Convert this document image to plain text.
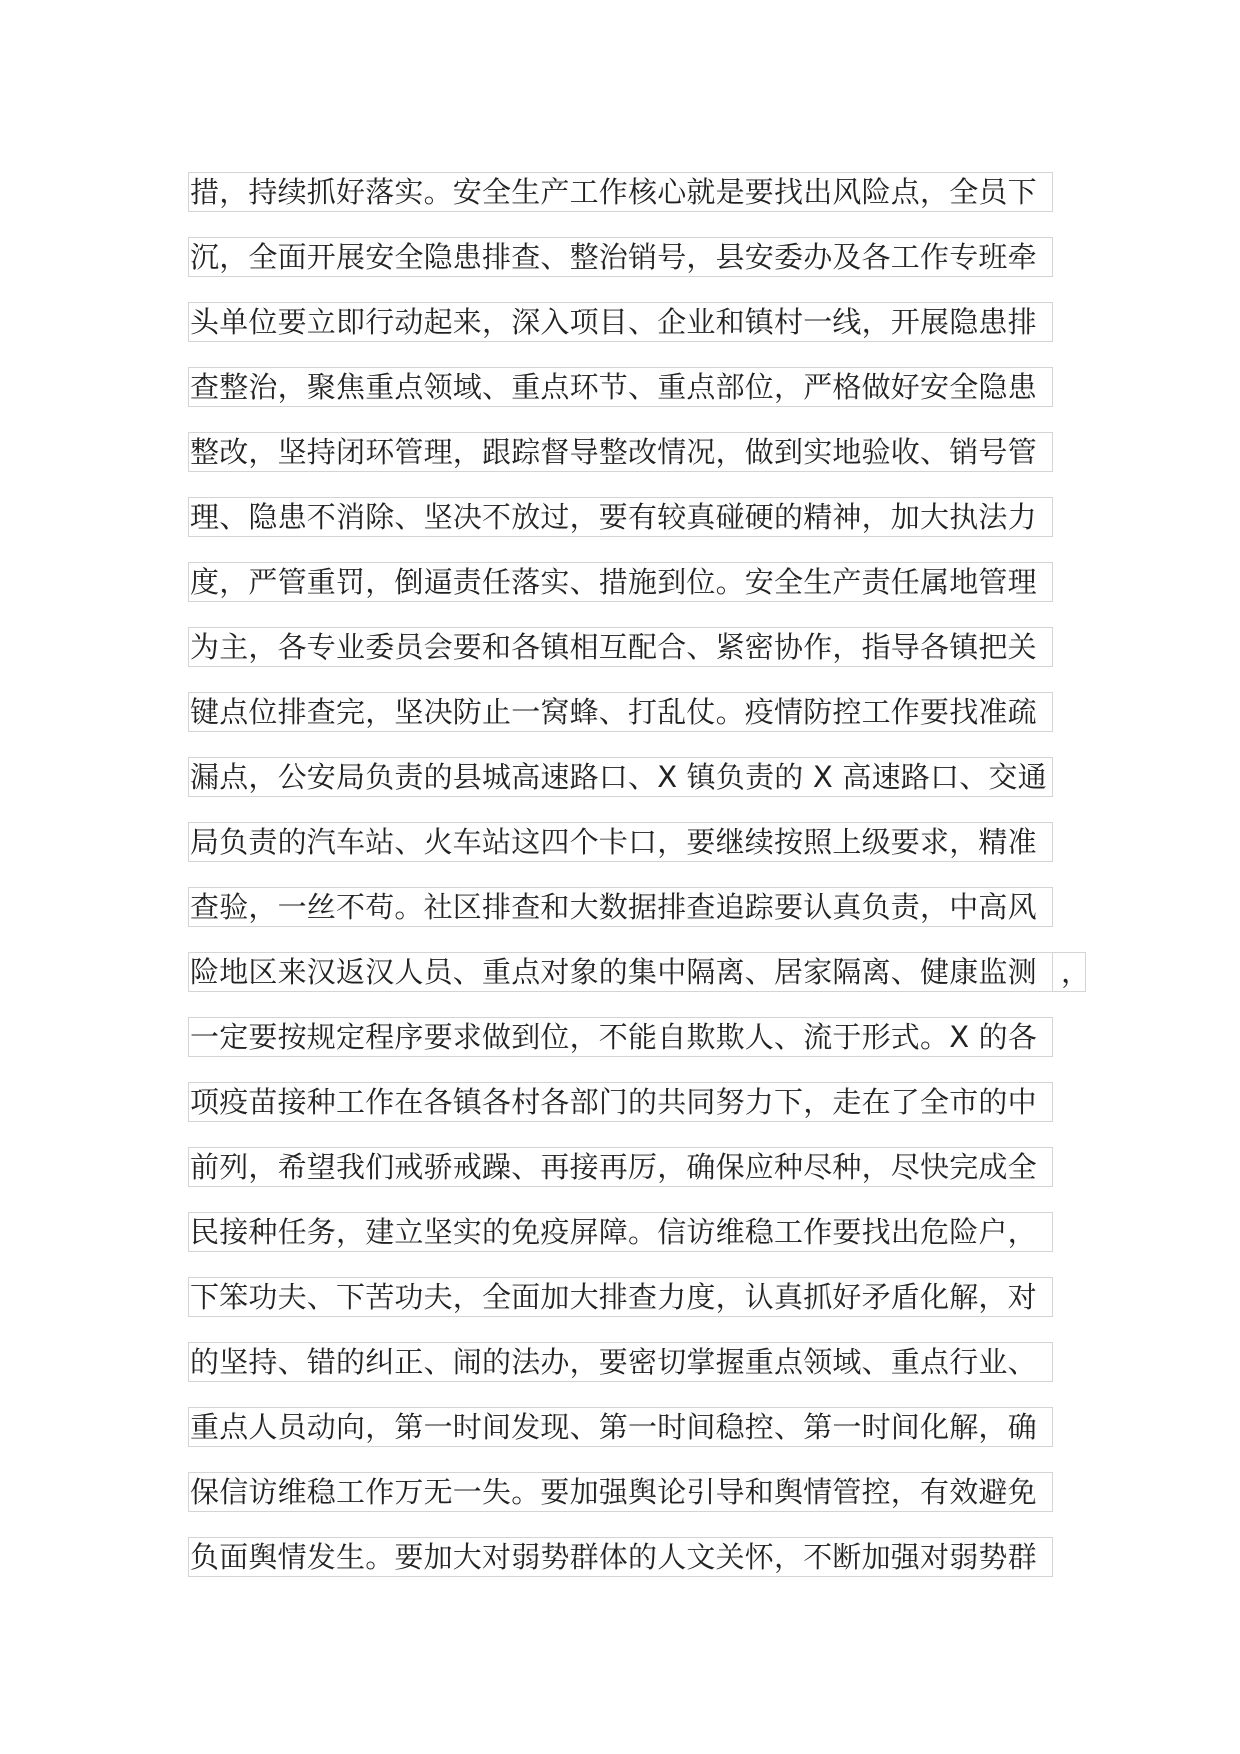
措，持续抓好落实。安全生产工作核心就是要找出风险点，全员下
沉，全面开展安全隐患排查、整治销号，县安委办及各工作专班牵
头单位要立即行动起来，深入项目、企业和镇村一线，开展隐患排
查整治，聚焦重点领域、重点环节、重点部位，严格做好安全隐患
整改，坚持闭环管理，跟踪督导整改情况，做到实地验收、销号管
理、隐患不消除、坚决不放过，要有较真碰硬的精神，加大执法力
度，严管重罚，倒逼责任落实、措施到位。安全生产责任属地管理
为主，各专业委员会要和各镇相互配合、紧密协作，指导各镇把关
键点位排查完，坚决防止一窝蜂、打乱仗。疫情防控工作要找准疏
漏点，公安局负责的县城高速路口、X 镇负责的 X 高速路口、交通
局负责的汽车站、火车站这四个卡口，要继续按照上级要求，精准
查验，一丝不苟。社区排查和大数据排查追踪要认真负责，中高风
险地区来汉返汉人员、重点对象的集中隔离、居家隔离、健康监测 ，
一定要按规定程序要求做到位，不能自欺欺人、流于形式。X 的各
项疫苗接种工作在各镇各村各部门的共同努力下，走在了全市的中
前列，希望我们戒骄戒躁、再接再厉，确保应种尽种，尽快完成全
民接种任务，建立坚实的免疫屏障。信访维稳工作要找出危险户，
下笨功夫、下苦功夫，全面加大排查力度，认真抓好矛盾化解，对
的坚持、错的纠正、闹的法办，要密切掌握重点领域、重点行业、
重点人员动向，第一时间发现、第一时间稳控、第一时间化解，确
保信访维稳工作万无一失。要加强舆论引导和舆情管控，有效避免
负面舆情发生。要加大对弱势群体的人文关怀，不断加强对弱势群
